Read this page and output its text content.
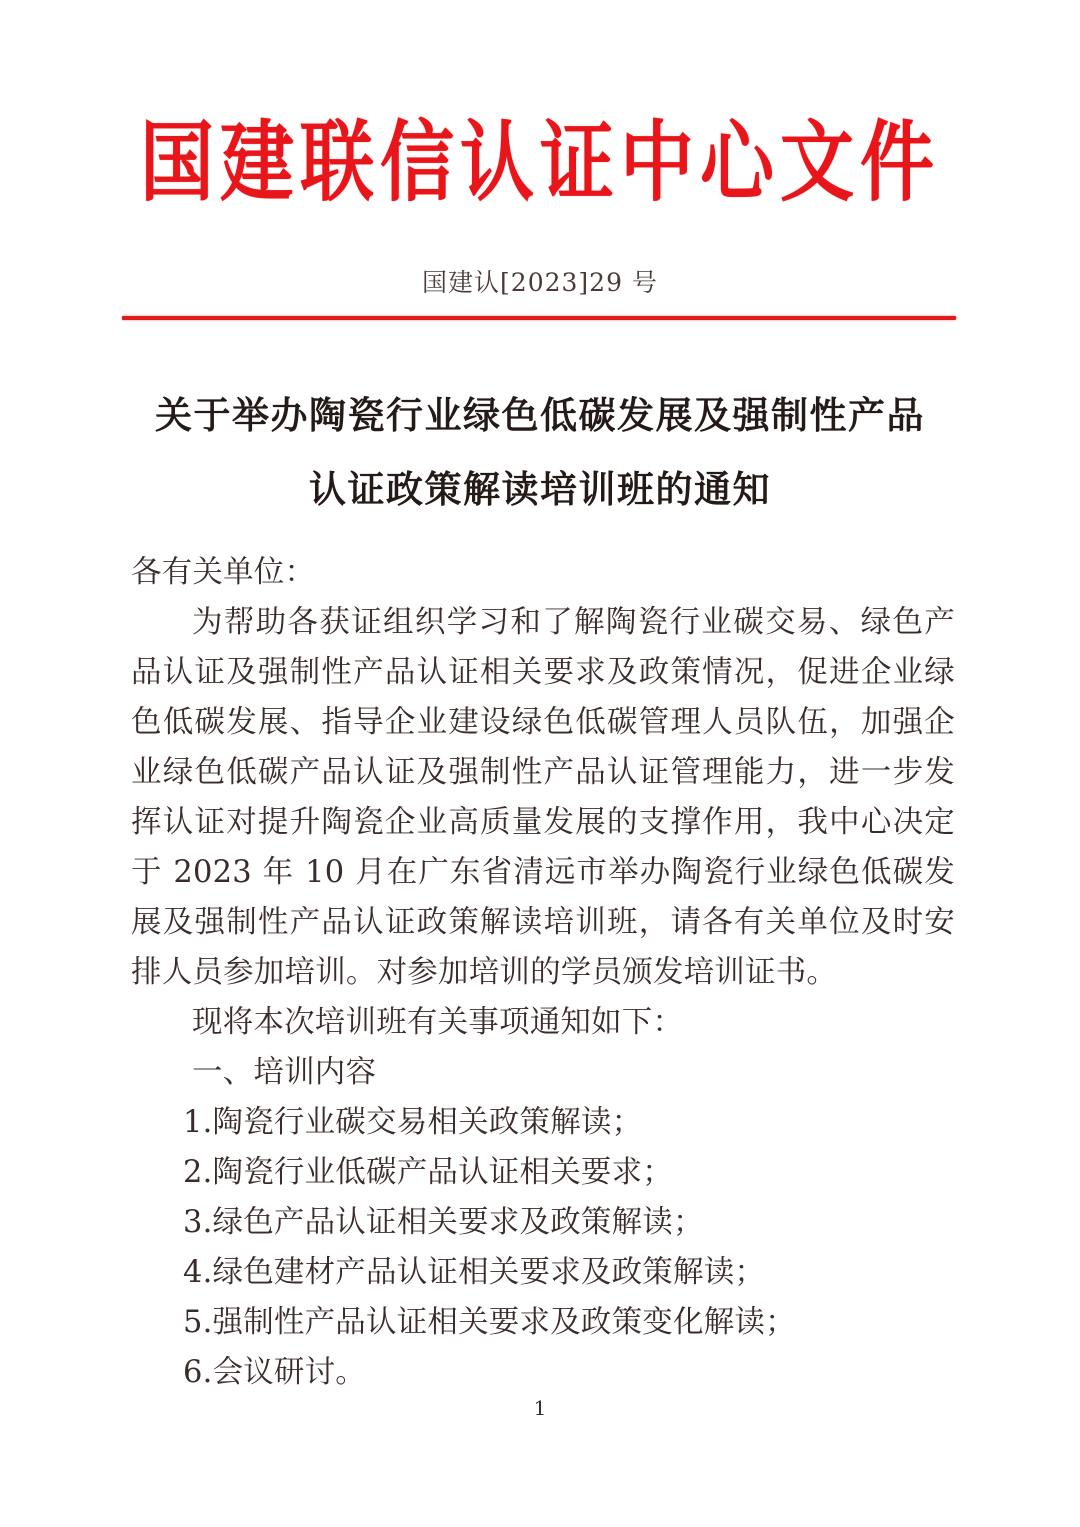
国建联信认证中心文件
国建认[2023]29 号
关于举办陶瓷行业绿色低碳发展及强制性产品
认证政策解读培训班的通知

各有关单位：

为帮助各获证组织学习和了解陶瓷行业碳交易、绿色产品认证及强制性产品认证相关要求及政策情况，促进企业绿色低碳发展、指导企业建设绿色低碳管理人员队伍，加强企业绿色低碳产品认证及强制性产品认证管理能力，进一步发挥认证对提升陶瓷企业高质量发展的支撑作用，我中心决定于 2023 年 10 月在广东省清远市举办陶瓷行业绿色低碳发展及强制性产品认证政策解读培训班，请各有关单位及时安排人员参加培训。对参加培训的学员颁发培训证书。

现将本次培训班有关事项通知如下：

一、培训内容

1.陶瓷行业碳交易相关政策解读；
2.陶瓷行业低碳产品认证相关要求；
3.绿色产品认证相关要求及政策解读；
4.绿色建材产品认证相关要求及政策解读；
5.强制性产品认证相关要求及政策变化解读；
6.会议研讨。
1
